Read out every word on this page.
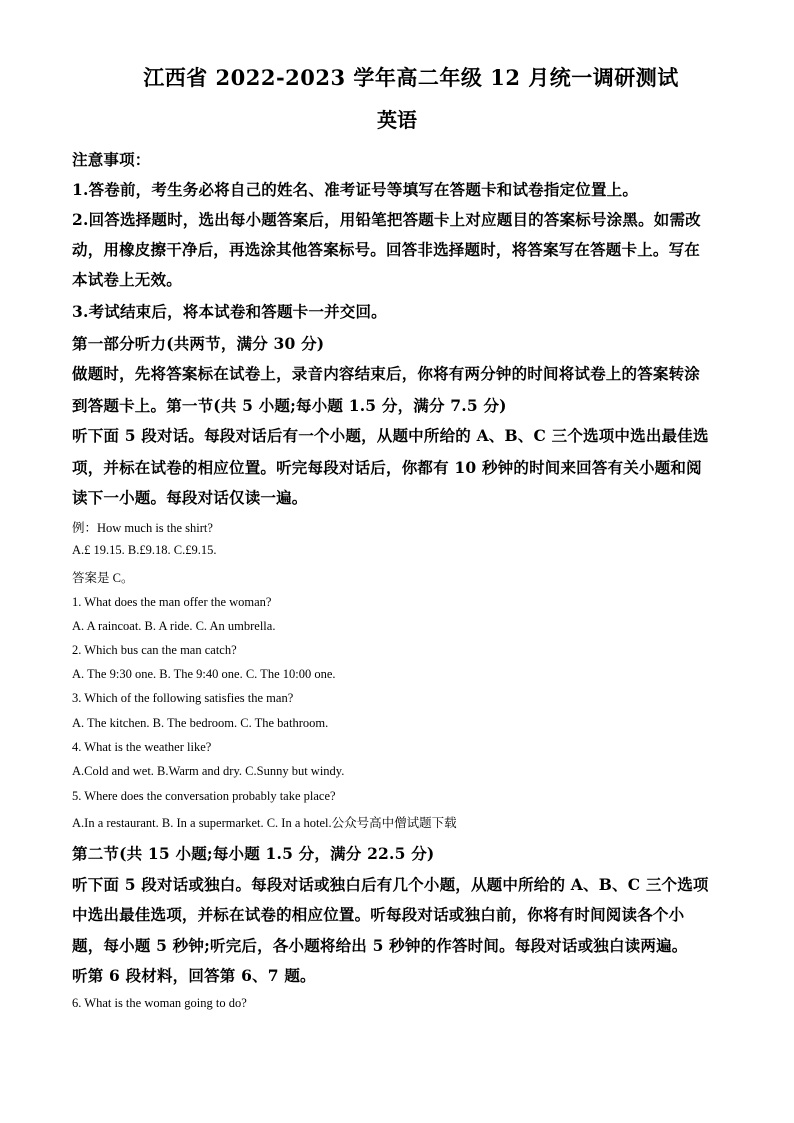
江西省 2022-2023 学年高二年级 12 月统一调研测试
英语
注意事项：
1.答卷前，考生务必将自己的姓名、准考证号等填写在答题卡和试卷指定位置上。
2.回答选择题时，选出每小题答案后，用铅笔把答题卡上对应题目的答案标号涂黑。如需改
动，用橡皮擦干净后，再选涂其他答案标号。回答非选择题时，将答案写在答题卡上。写在
本试卷上无效。
3.考试结束后，将本试卷和答题卡一并交回。
第一部分听力(共两节，满分 30 分)
做题时，先将答案标在试卷上，录音内容结束后，你将有两分钟的时间将试卷上的答案转涂
到答题卡上。第一节(共 5 小题;每小题 1.5 分，满分 7.5 分)
听下面 5 段对话。每段对话后有一个小题，从题中所给的 A、B、C 三个选项中选出最佳选
项，并标在试卷的相应位置。听完每段对话后，你都有 10 秒钟的时间来回答有关小题和阅
读下一小题。每段对话仅读一遍。
例：How much is the shirt?
A.£ 19.15. B.£9.18. C.£9.15.
答案是 C。
1. What does the man offer the woman?
A. A raincoat. B. A ride. C. An umbrella.
2. Which bus can the man catch?
A. The 9:30 one. B. The 9:40 one. C. The 10:00 one.
3. Which of the following satisfies the man?
A. The kitchen. B. The bedroom. C. The bathroom.
4. What is the weather like?
A.Cold and wet. B.Warm and dry. C.Sunny but windy.
5. Where does the conversation probably take place?
A.In a restaurant. B. In a supermarket. C. In a hotel.公众号高中僧试题下载
第二节(共 15 小题;每小题 1.5 分，满分 22.5 分)
听下面 5 段对话或独白。每段对话或独白后有几个小题，从题中所给的 A、B、C 三个选项
中选出最佳选项，并标在试卷的相应位置。听每段对话或独白前，你将有时间阅读各个小
题，每小题 5 秒钟;听完后，各小题将给出 5 秒钟的作答时间。每段对话或独白读两遍。
听第 6 段材料，回答第 6、7 题。
6. What is the woman going to do?
